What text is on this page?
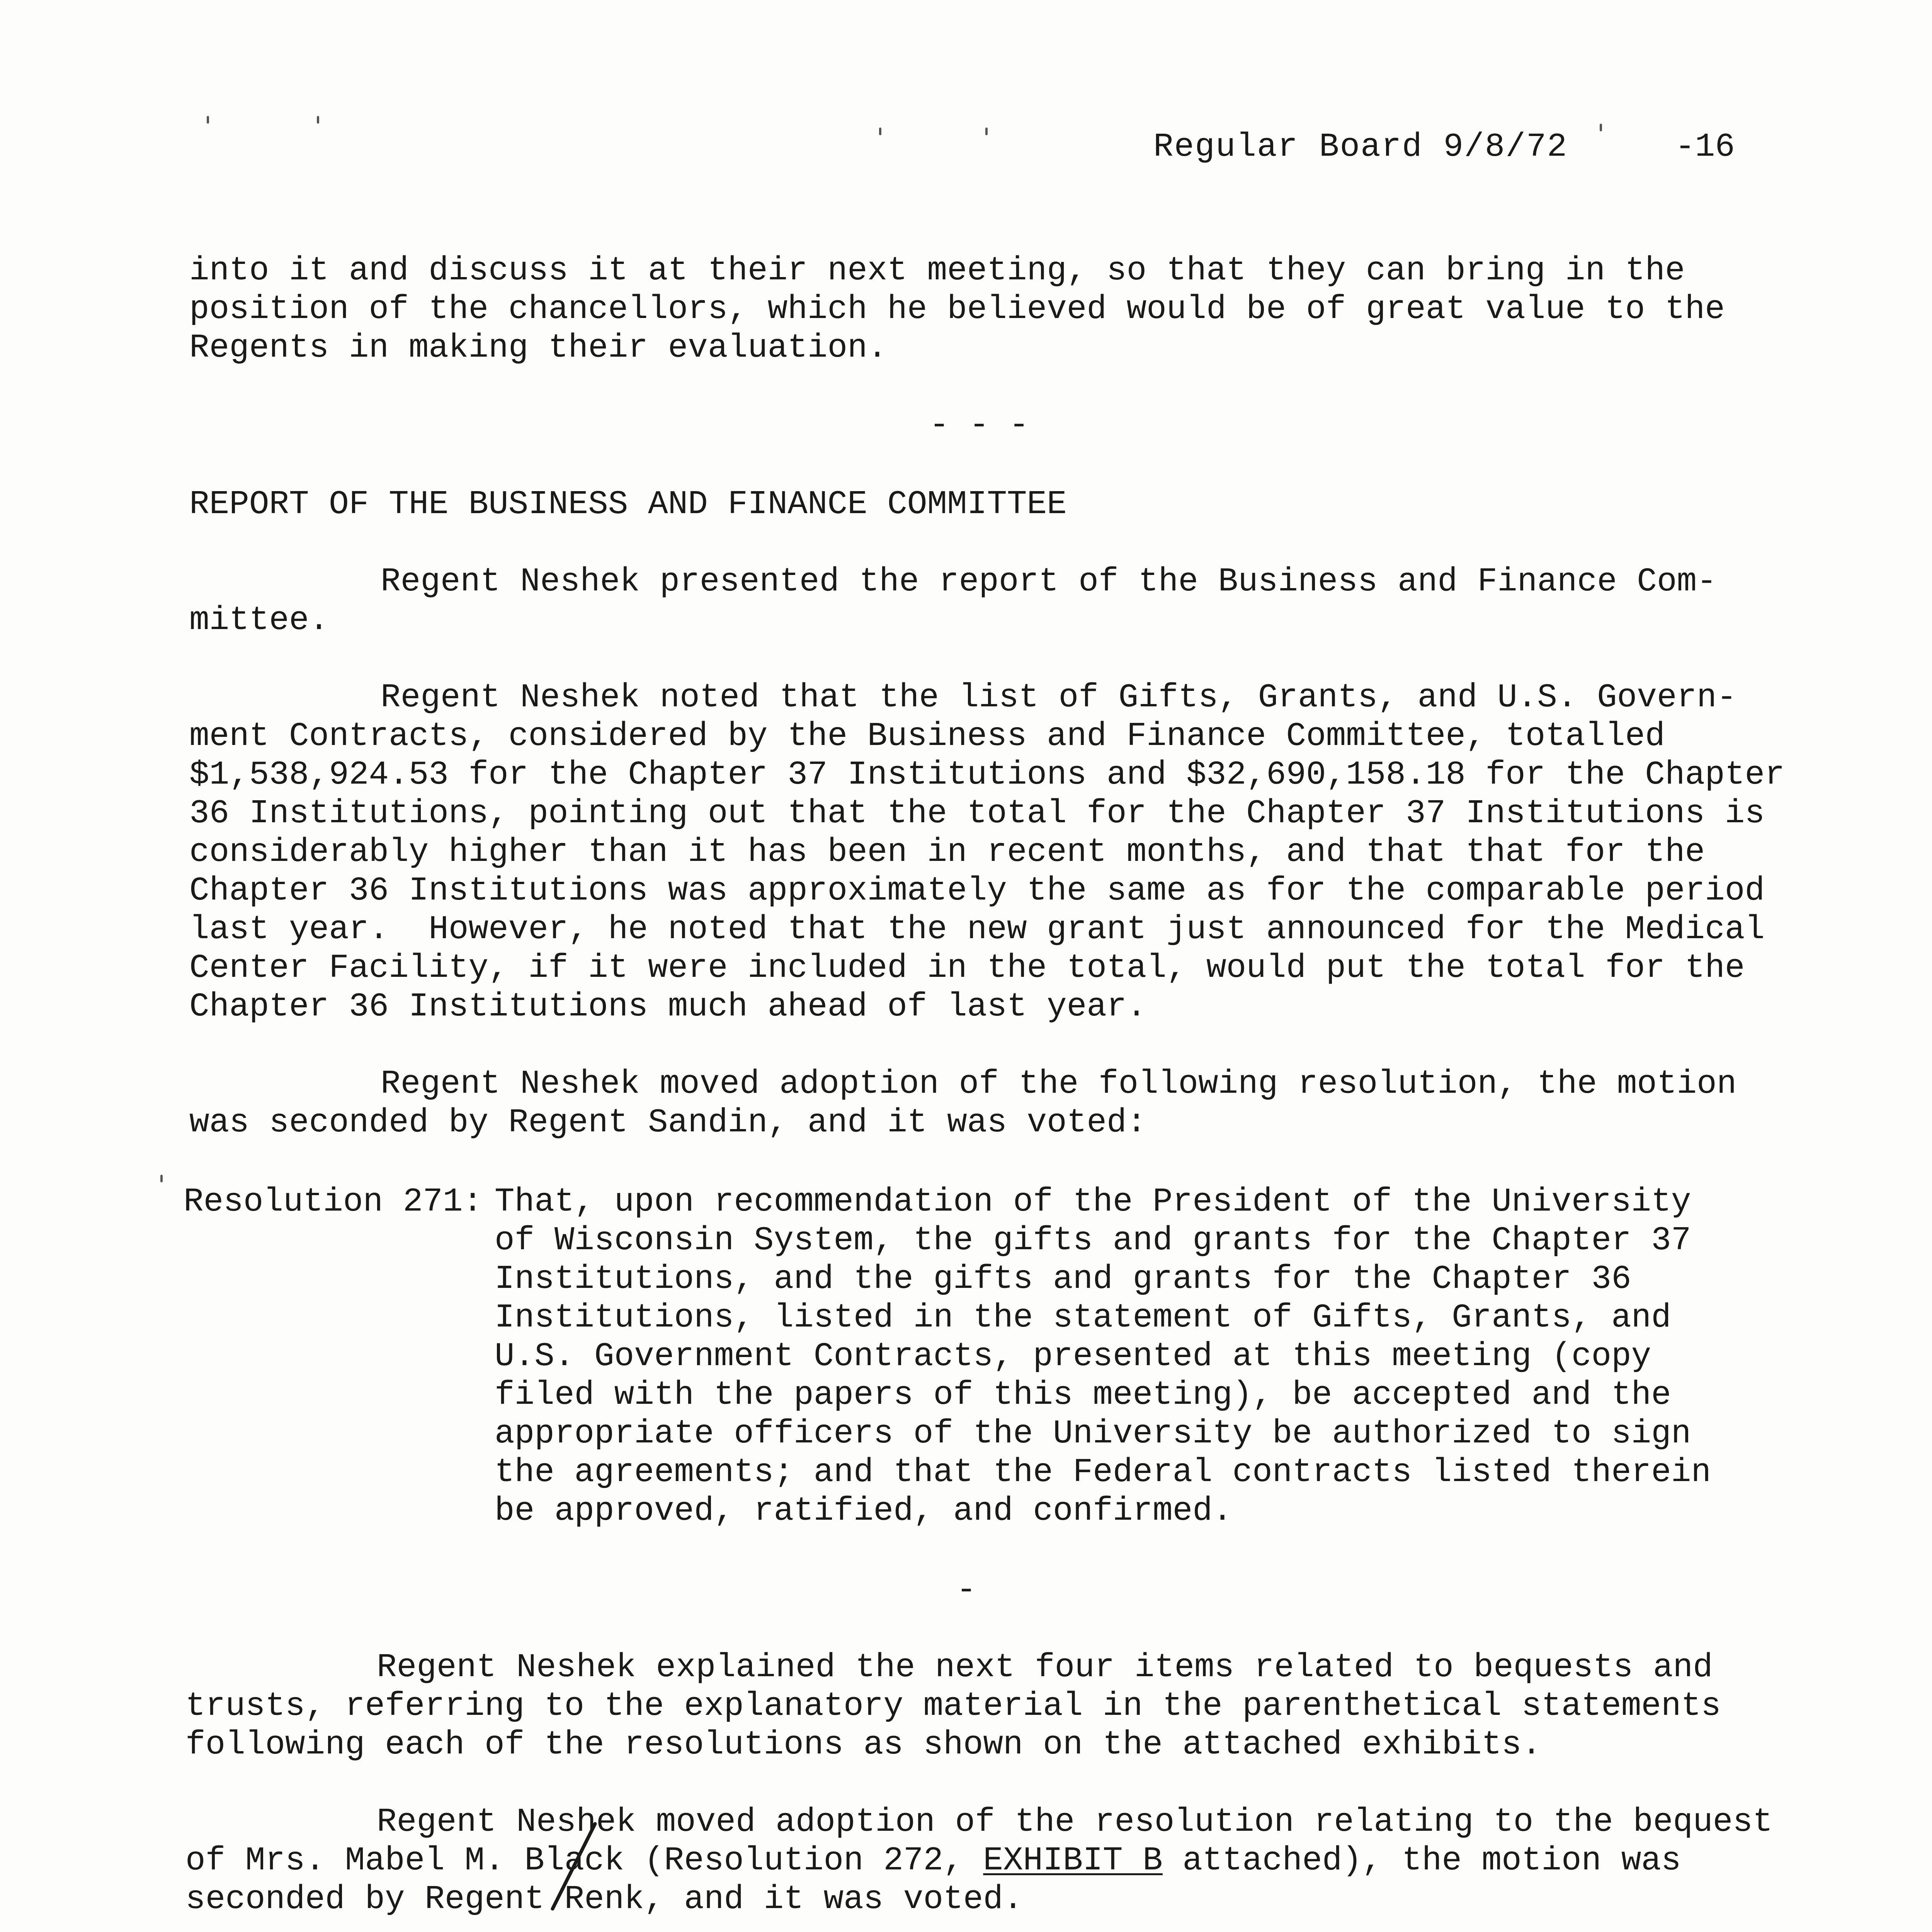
Regular Board 9/8/72	-16
into it and discuss it at their next meeting, so that they can bring in the
position of the chancellors, which he believed would be of great value to the
Regents in making their evaluation.
- - -
REPORT OF THE BUSINESS AND FINANCE COMMITTEE
Regent Neshek presented the report of the Business and Finance Com-
mittee.
Regent Neshek noted that the list of Gifts, Grants, and U.S. Govern-
ment Contracts, considered by the Business and Finance Committee, totalled
$1,538,924.53 for the Chapter 37 Institutions and $32,690,158.18 for the Chapter
36 Institutions, pointing out that the total for the Chapter 37 Institutions is
considerably higher than it has been in recent months, and that that for the
Chapter 36 Institutions was approximately the same as for the comparable period
last year.  However, he noted that the new grant just announced for the Medical
Center Facility, if it were included in the total, would put the total for the
Chapter 36 Institutions much ahead of last year.
Regent Neshek moved adoption of the following resolution, the motion
was seconded by Regent Sandin, and it was voted:
Resolution 271: That, upon recommendation of the President of the University
of Wisconsin System, the gifts and grants for the Chapter 37
Institutions, and the gifts and grants for the Chapter 36
Institutions, listed in the statement of Gifts, Grants, and
U.S. Government Contracts, presented at this meeting (copy
filed with the papers of this meeting), be accepted and the
appropriate officers of the University be authorized to sign
the agreements; and that the Federal contracts listed therein
be approved, ratified, and confirmed.
-
Regent Neshek explained the next four items related to bequests and
trusts, referring to the explanatory material in the parenthetical statements
following each of the resolutions as shown on the attached exhibits.
Regent Neshek moved adoption of the resolution relating to the bequest
of Mrs. Mabel M. Black (Resolution 272, EXHIBIT B attached), the motion was
seconded by Regent Renk, and it was voted.
